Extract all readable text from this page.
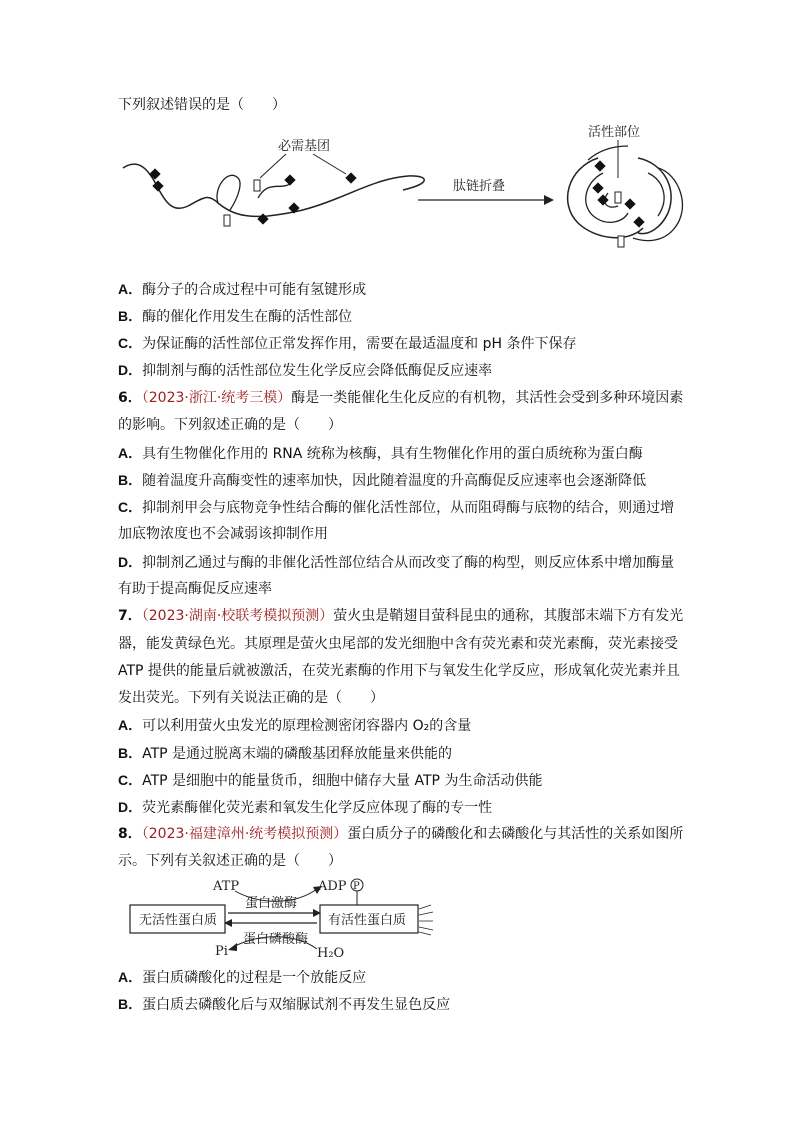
下列叙述错误的是（　　）
必需基团
肽链折叠
活性部位
A．酶分子的合成过程中可能有氢键形成
B．酶的催化作用发生在酶的活性部位
C．为保证酶的活性部位正常发挥作用，需要在最适温度和 pH 条件下保存
D．抑制剂与酶的活性部位发生化学反应会降低酶促反应速率
6．（2023·浙江·统考三模）酶是一类能催化生化反应的有机物，其活性会受到多种环境因素
的影响。下列叙述正确的是（　　）
A．具有生物催化作用的 RNA 统称为核酶，具有生物催化作用的蛋白质统称为蛋白酶
B．随着温度升高酶变性的速率加快，因此随着温度的升高酶促反应速率也会逐渐降低
C．抑制剂甲会与底物竞争性结合酶的催化活性部位，从而阻碍酶与底物的结合，则通过增
加底物浓度也不会减弱该抑制作用
D．抑制剂乙通过与酶的非催化活性部位结合从而改变了酶的构型，则反应体系中增加酶量
有助于提高酶促反应速率
7．（2023·湖南·校联考模拟预测）萤火虫是鞘翅目萤科昆虫的通称，其腹部末端下方有发光
器，能发黄绿色光。其原理是萤火虫尾部的发光细胞中含有荧光素和荧光素酶，荧光素接受
ATP 提供的能量后就被激活，在荧光素酶的作用下与氧发生化学反应，形成氧化荧光素并且
发出荧光。下列有关说法正确的是（　　）
A．可以利用萤火虫发光的原理检测密闭容器内 O₂的含量
B．ATP 是通过脱离末端的磷酸基团释放能量来供能的
C．ATP 是细胞中的能量货币，细胞中储存大量 ATP 为生命活动供能
D．荧光素酶催化荧光素和氧发生化学反应体现了酶的专一性
8．（2023·福建漳州·统考模拟预测）蛋白质分子的磷酸化和去磷酸化与其活性的关系如图所
示。下列有关叙述正确的是（　　）
无活性蛋白质	有活性蛋白质
ATP	ADP P
蛋白激酶
Pi
蛋白磷酸酶
H₂O
A．蛋白质磷酸化的过程是一个放能反应
B．蛋白质去磷酸化后与双缩脲试剂不再发生显色反应
